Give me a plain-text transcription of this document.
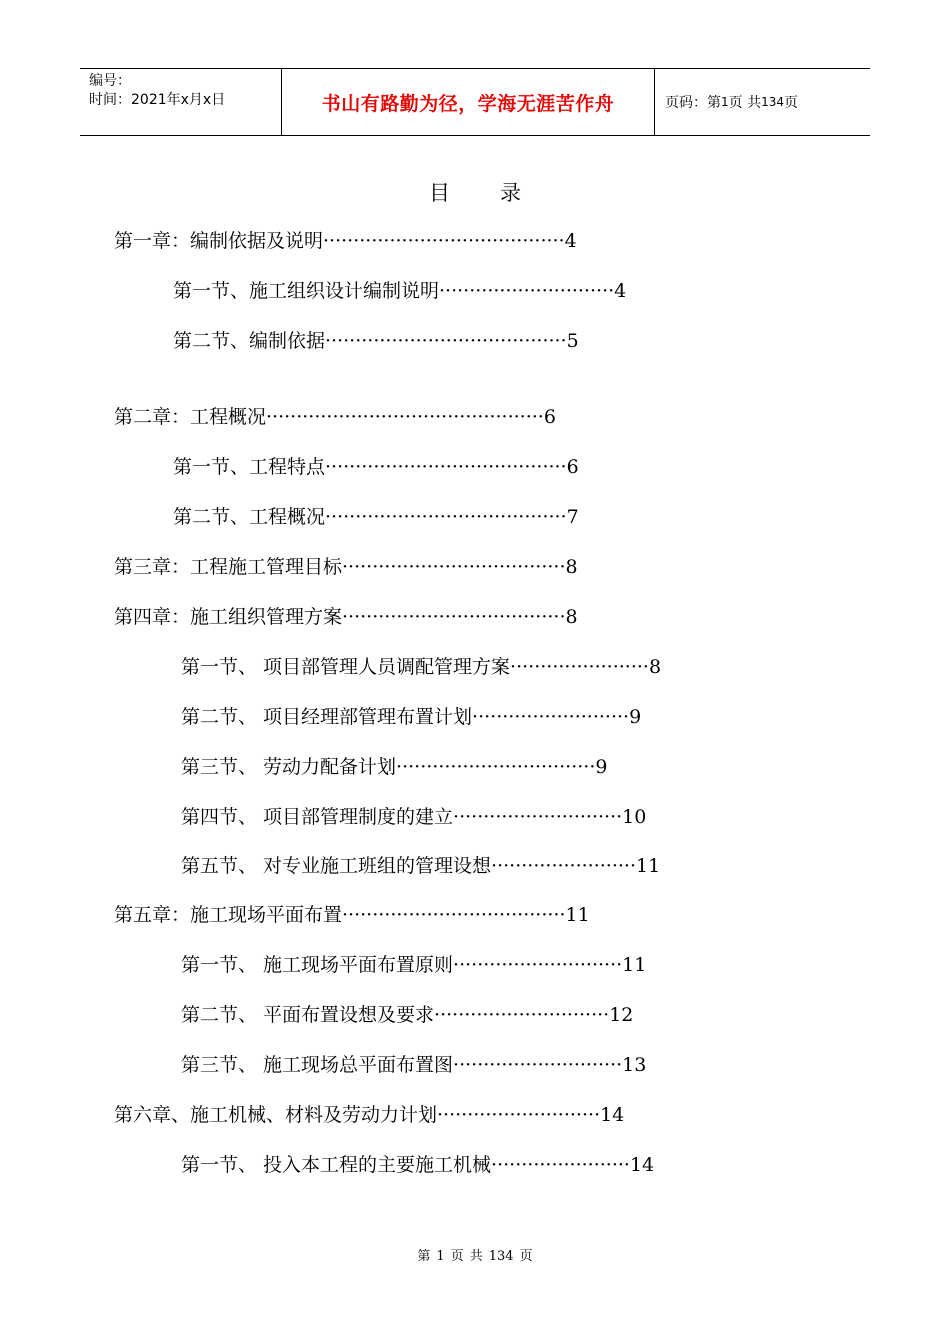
编号：
时间：2021年x月x日	书山有路勤为径，学海无涯苦作舟	页码：第 1 页 共 134 页
目 录
第一章：编制依据及说明········································4
第一节、施工组织设计编制说明·····························4
第二节、编制依据········································5
第二章：工程概况··············································6
第一节、工程特点········································6
第二节、工程概况········································7
第三章：工程施工管理目标·····································8
第四章：施工组织管理方案·····································8
第一节、 项目部管理人员调配管理方案·······················8
第二节、 项目经理部管理布置计划··························9
第三节、 劳动力配备计划·································9
第四节、 项目部管理制度的建立····························10
第五节、 对专业施工班组的管理设想························11
第五章：施工现场平面布置·····································11
第一节、 施工现场平面布置原则····························11
第二节、 平面布置设想及要求·····························12
第三节、 施工现场总平面布置图····························13
第六章、施工机械、材料及劳动力计划···························14
第一节、 投入本工程的主要施工机械·······················14
第 1 页 共 134 页
